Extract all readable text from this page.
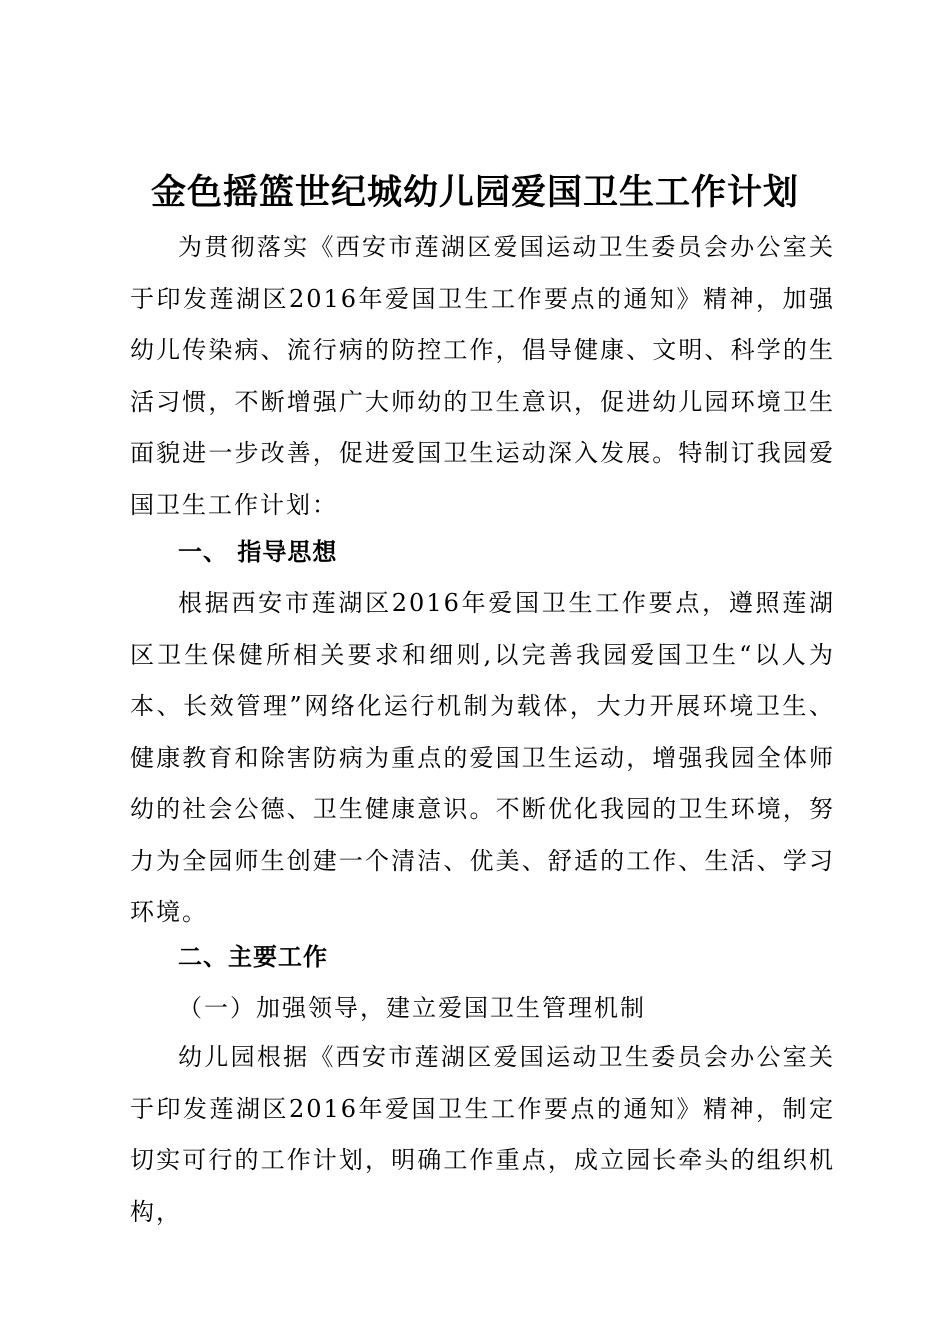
金色摇篮世纪城幼儿园爱国卫生工作计划

为贯彻落实《西安市莲湖区爱国运动卫生委员会办公室关于印发莲湖区2016年爱国卫生工作要点的通知》精神，加强幼儿传染病、流行病的防控工作，倡导健康、文明、科学的生活习惯，不断增强广大师幼的卫生意识，促进幼儿园环境卫生面貌进一步改善，促进爱国卫生运动深入发展。特制订我园爱国卫生工作计划：

一、 指导思想

根据西安市莲湖区2016年爱国卫生工作要点，遵照莲湖区卫生保健所相关要求和细则,以完善我园爱国卫生“以人为本、长效管理”网络化运行机制为载体，大力开展环境卫生、健康教育和除害防病为重点的爱国卫生运动，增强我园全体师幼的社会公德、卫生健康意识。不断优化我园的卫生环境，努力为全园师生创建一个清洁、优美、舒适的工作、生活、学习环境。

二、主要工作

（一）加强领导，建立爱国卫生管理机制

幼儿园根据《西安市莲湖区爱国运动卫生委员会办公室关于印发莲湖区2016年爱国卫生工作要点的通知》精神，制定切实可行的工作计划，明确工作重点，成立园长牵头的组织机构，
